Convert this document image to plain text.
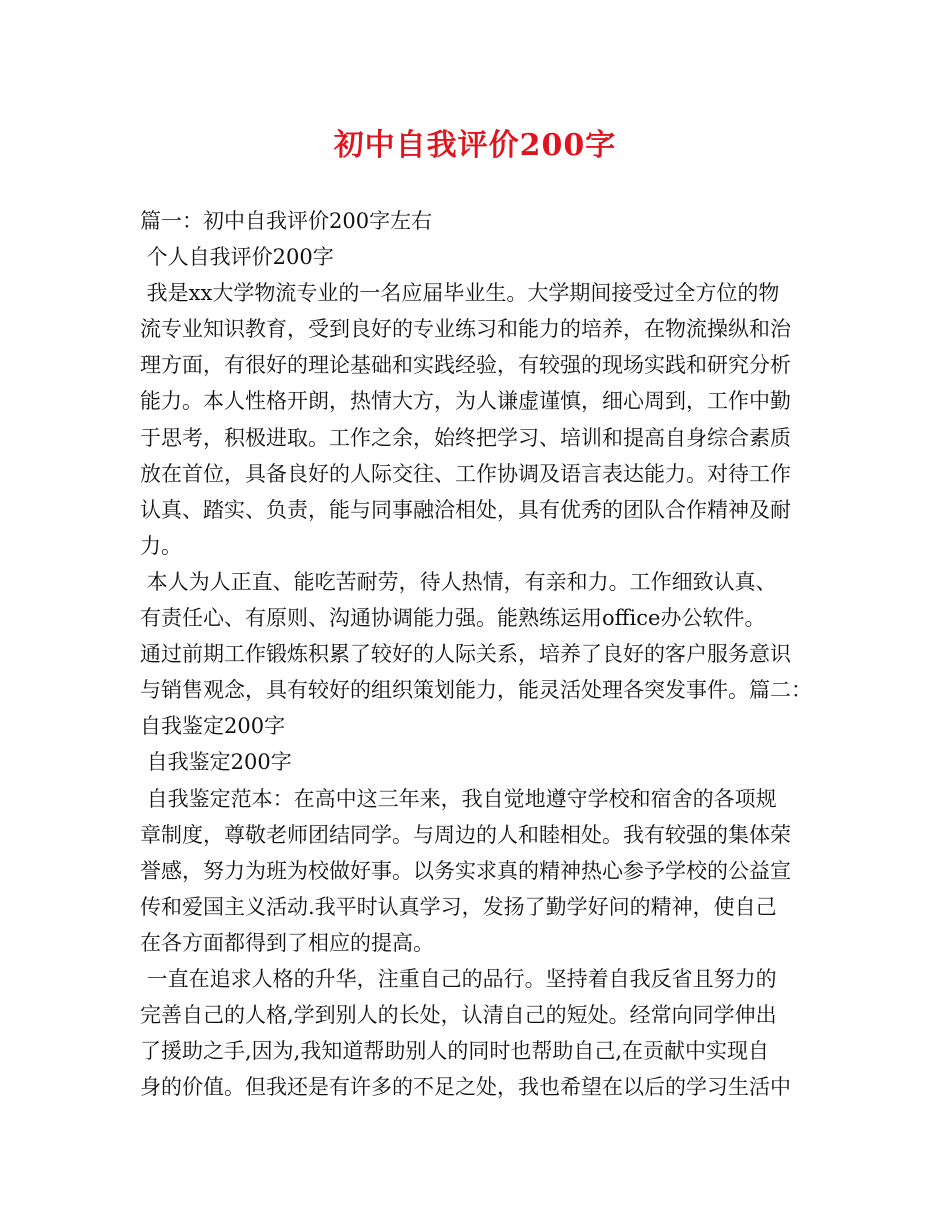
初中自我评价200字
篇一：初中自我评价200字左右
个人自我评价200字
我是xx大学物流专业的一名应届毕业生。大学期间接受过全方位的物
流专业知识教育，受到良好的专业练习和能力的培养，在物流操纵和治
理方面，有很好的理论基础和实践经验，有较强的现场实践和研究分析
能力。本人性格开朗，热情大方，为人谦虚谨慎，细心周到，工作中勤
于思考，积极进取。工作之余，始终把学习、培训和提高自身综合素质
放在首位，具备良好的人际交往、工作协调及语言表达能力。对待工作
认真、踏实、负责，能与同事融洽相处，具有优秀的团队合作精神及耐
力。
本人为人正直、能吃苦耐劳，待人热情，有亲和力。工作细致认真、
有责任心、有原则、沟通协调能力强。能熟练运用office办公软件。
通过前期工作锻炼积累了较好的人际关系，培养了良好的客户服务意识
与销售观念，具有较好的组织策划能力，能灵活处理各突发事件。篇二：
自我鉴定200字
自我鉴定200字
自我鉴定范本：在高中这三年来，我自觉地遵守学校和宿舍的各项规
章制度，尊敬老师团结同学。与周边的人和睦相处。我有较强的集体荣
誉感，努力为班为校做好事。以务实求真的精神热心参予学校的公益宣
传和爱国主义活动.我平时认真学习，发扬了勤学好问的精神，使自己
在各方面都得到了相应的提高。
一直在追求人格的升华，注重自己的品行。坚持着自我反省且努力的
完善自己的人格,学到别人的长处，认清自己的短处。经常向同学伸出
了援助之手,因为,我知道帮助别人的同时也帮助自己,在贡献中实现自
身的价值。但我还是有许多的不足之处，我也希望在以后的学习生活中
